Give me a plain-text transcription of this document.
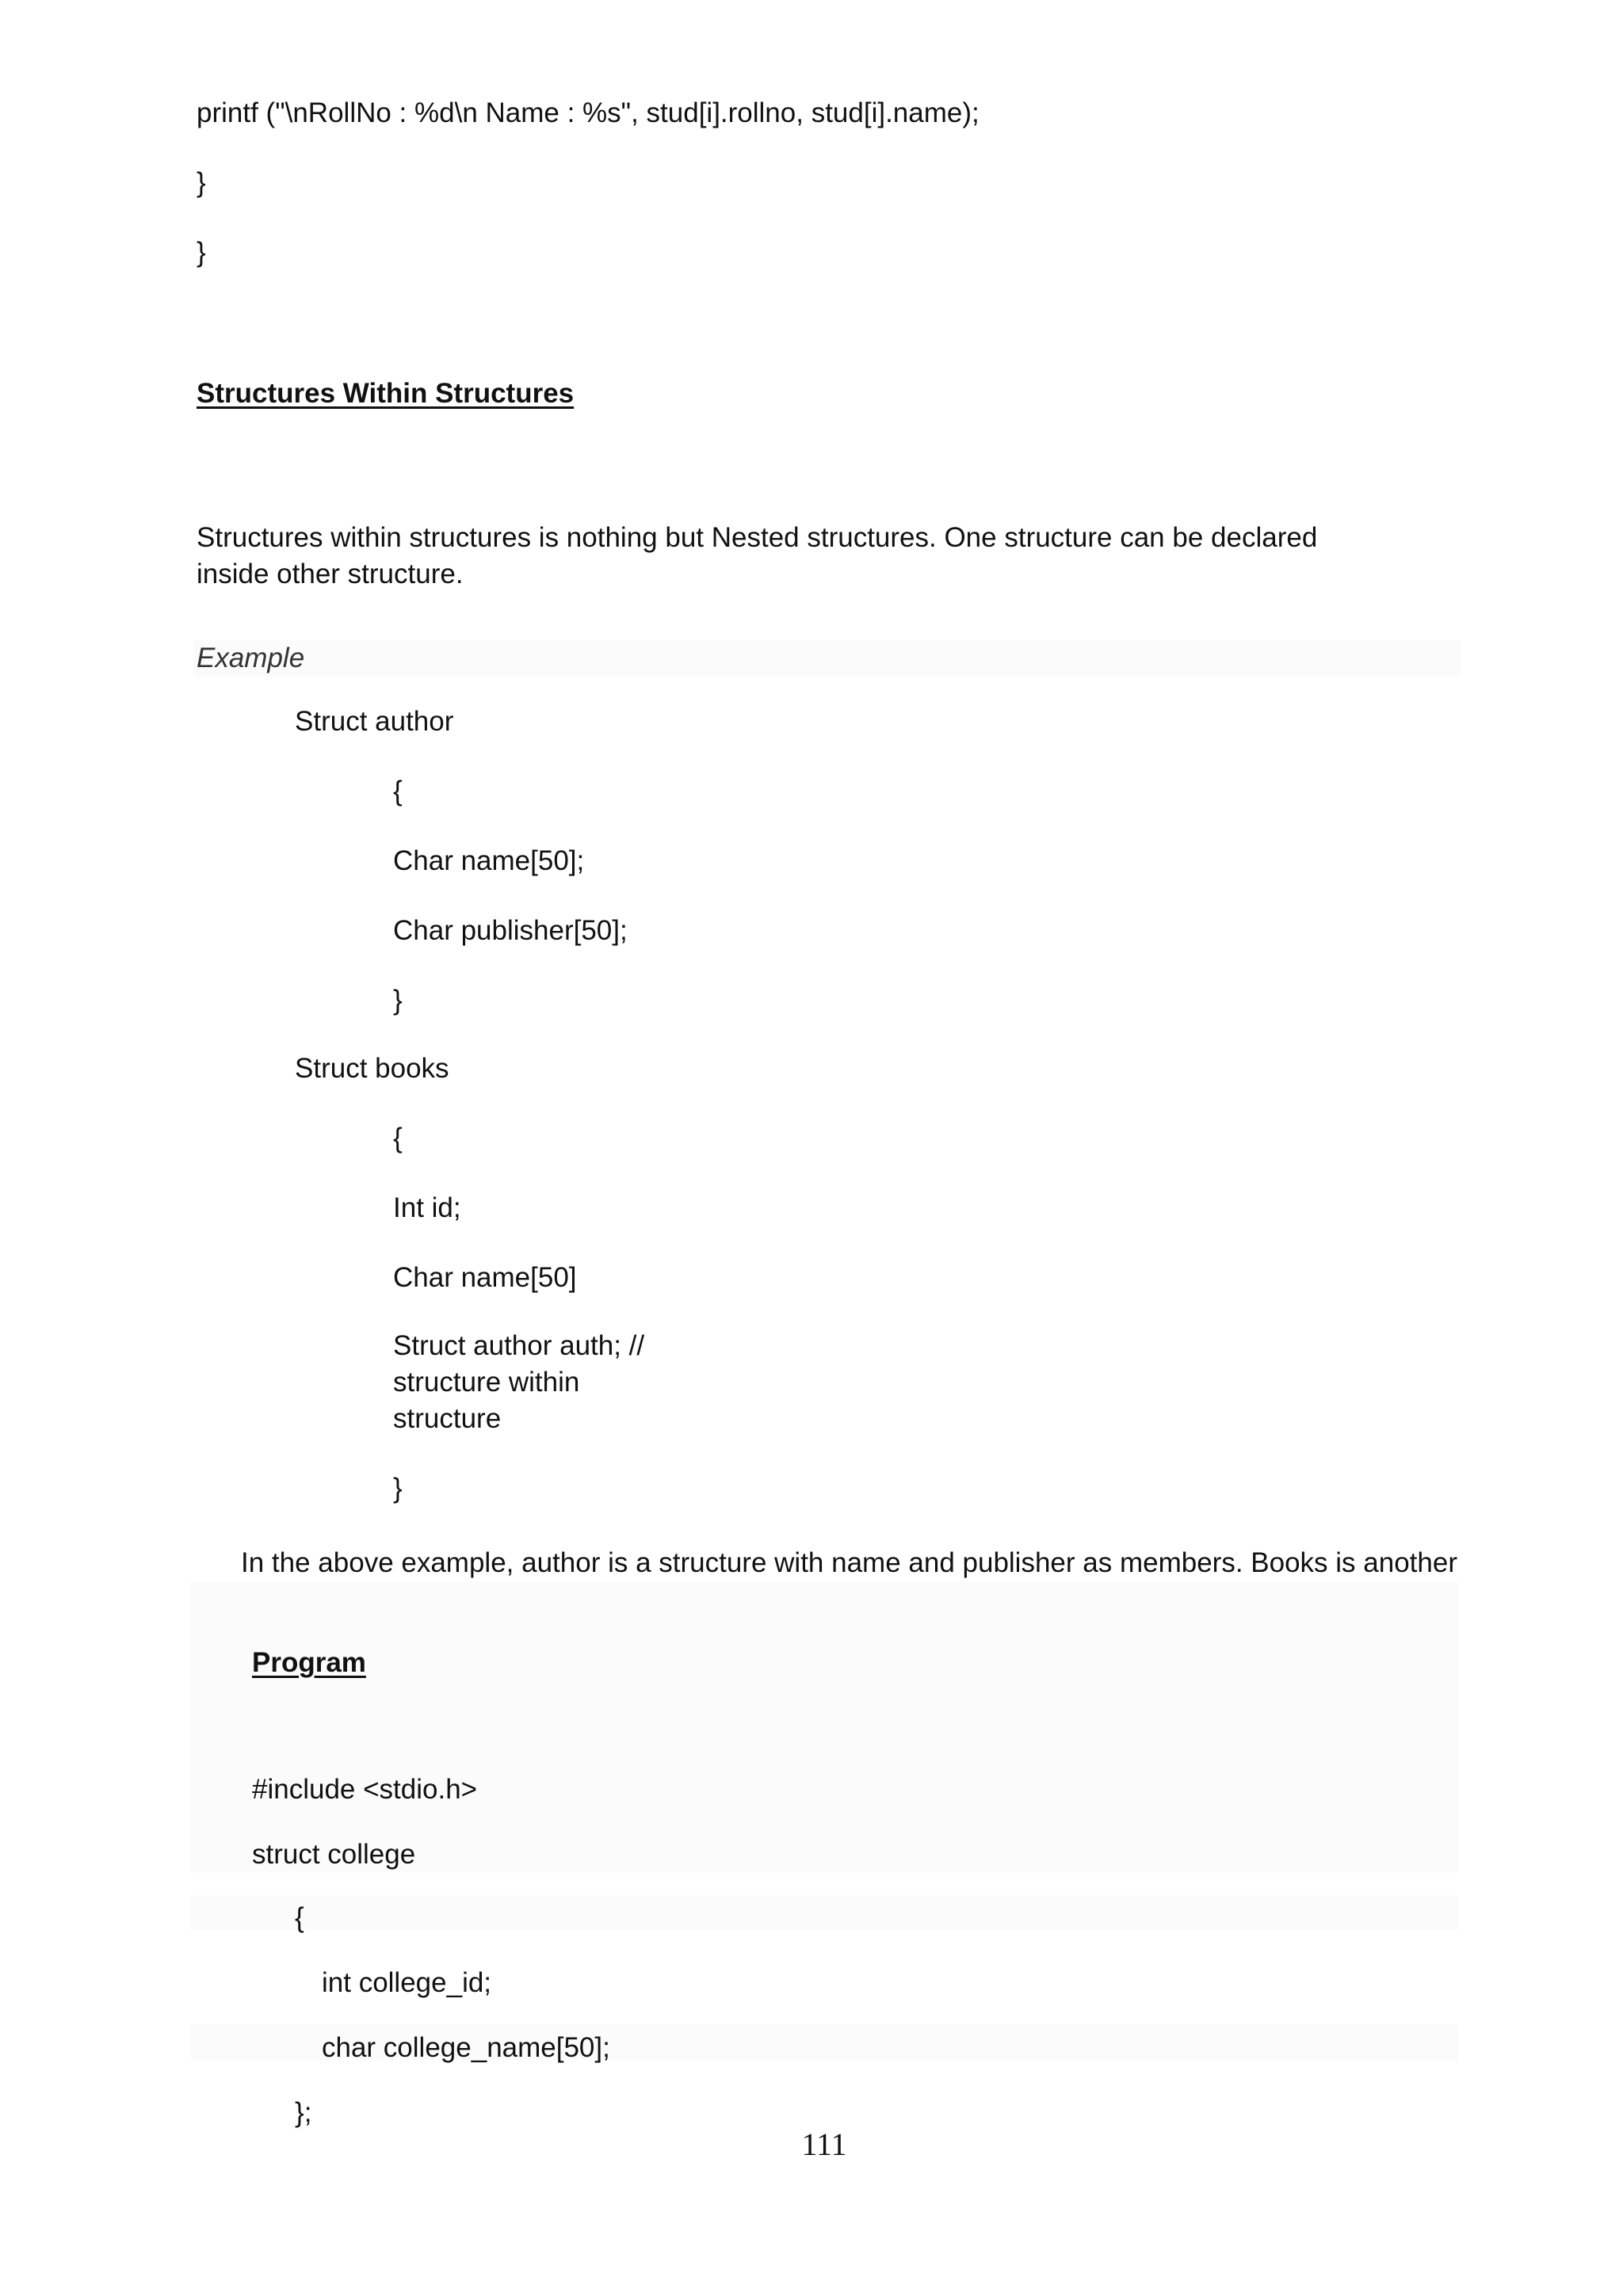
printf ("\nRollNo : %d\n Name : %s", stud[i].rollno, stud[i].name);

}

}

Structures Within Structures

Structures within structures is nothing but Nested structures. One structure can be declared inside other structure.

Example

Struct author

{

Char name[50];

Char publisher[50];

}

Struct books

{

Int id;

Char name[50]

Struct author auth; // structure within structure

}

In the above example, author is a structure with name and publisher as members. Books is another

Program

#include <stdio.h>

struct college

{

int college_id;

char college_name[50];

};

111
